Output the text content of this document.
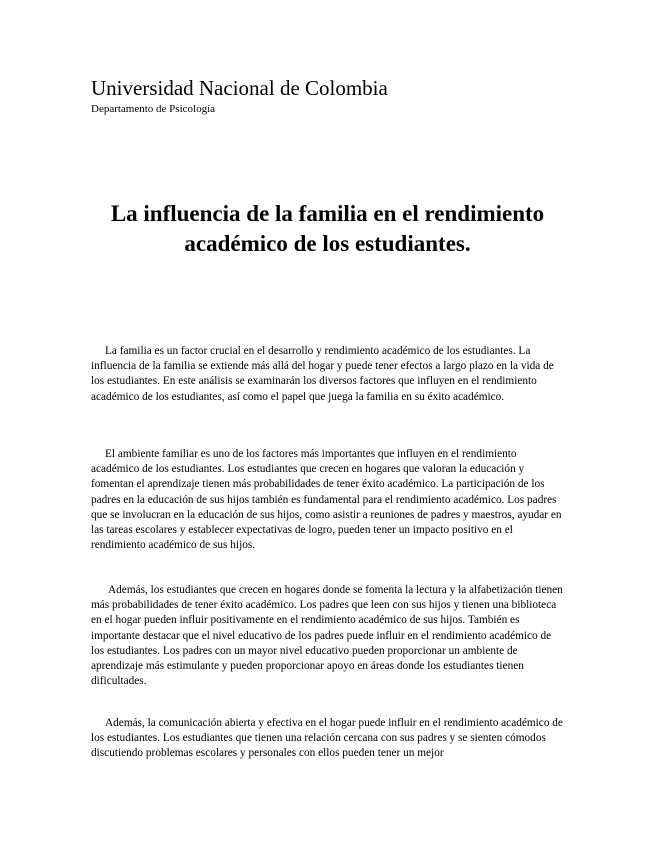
Universidad Nacional de Colombia
Departamento de Psicología
La influencia de la familia en el rendimiento académico de los estudiantes.

La familia es un factor crucial en el desarrollo y rendimiento académico de los estudiantes. La influencia de la familia se extiende más allá del hogar y puede tener efectos a largo plazo en la vida de los estudiantes. En este análisis se examinarán los diversos factores que influyen en el rendimiento académico de los estudiantes, así como el papel que juega la familia en su éxito académico.

El ambiente familiar es uno de los factores más importantes que influyen en el rendimiento académico de los estudiantes. Los estudiantes que crecen en hogares que valoran la educación y fomentan el aprendizaje tienen más probabilidades de tener éxito académico. La participación de los padres en la educación de sus hijos también es fundamental para el rendimiento académico. Los padres que se involucran en la educación de sus hijos, como asistir a reuniones de padres y maestros, ayudar en las tareas escolares y establecer expectativas de logro, pueden tener un impacto positivo en el rendimiento académico de sus hijos.

Además, los estudiantes que crecen en hogares donde se fomenta la lectura y la alfabetización tienen más probabilidades de tener éxito académico. Los padres que leen con sus hijos y tienen una biblioteca en el hogar pueden influir positivamente en el rendimiento académico de sus hijos. También es importante destacar que el nivel educativo de los padres puede influir en el rendimiento académico de los estudiantes. Los padres con un mayor nivel educativo pueden proporcionar un ambiente de aprendizaje más estimulante y pueden proporcionar apoyo en áreas donde los estudiantes tienen dificultades.

Además, la comunicación abierta y efectiva en el hogar puede influir en el rendimiento académico de los estudiantes. Los estudiantes que tienen una relación cercana con sus padres y se sienten cómodos discutiendo problemas escolares y personales con ellos pueden tener un mejor
